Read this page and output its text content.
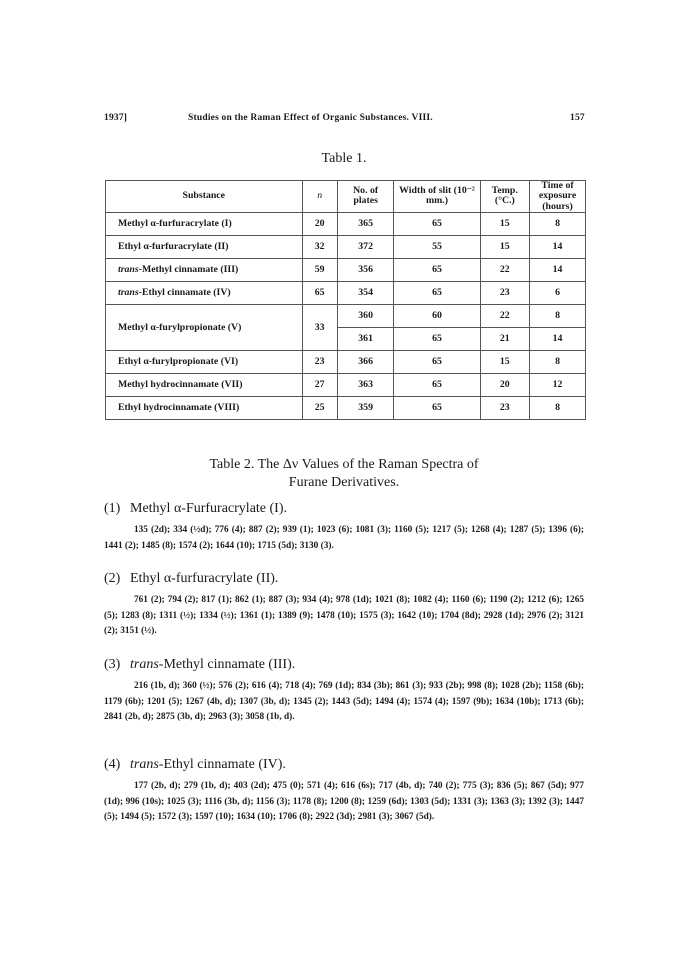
1937]	Studies on the Raman Effect of Organic Substances. VIII.	157
Table 1.
Substance	n	No. of plates	Width of slit (10⁻² mm.)	Temp. (°C.)	Time of exposure (hours)
Methyl α-furfuracrylate (I)	20	365	65	15	8
Ethyl α-furfuracrylate (II)	32	372	55	15	14
trans-Methyl cinnamate (III)	59	356	65	22	14
trans-Ethyl cinnamate (IV)	65	354	65	23	6
Methyl α-furylpropionate (V)	33	360	60	22	8
		361	65	21	14
Ethyl α-furylpropionate (VI)	23	366	65	15	8
Methyl hydrocinnamate (VII)	27	363	65	20	12
Ethyl hydrocinnamate (VIII)	25	359	65	23	8
Table 2. The Δν Values of the Raman Spectra of
Furane Derivatives.
(1) Methyl α-Furfuracrylate (I).

135 (2d); 334 (½d); 776 (4); 887 (2); 939 (1); 1023 (6); 1081 (3); 1160 (5); 1217 (5); 1268 (4); 1287 (5); 1396 (6); 1441 (2); 1485 (8); 1574 (2); 1644 (10); 1715 (5d); 3130 (3).

(2) Ethyl α-furfuracrylate (II).

761 (2); 794 (2); 817 (1); 862 (1); 887 (3); 934 (4); 978 (1d); 1021 (8); 1082 (4); 1160 (6); 1190 (2); 1212 (6); 1265 (5); 1283 (8); 1311 (½); 1334 (½); 1361 (1); 1389 (9); 1478 (10); 1575 (3); 1642 (10); 1704 (8d); 2928 (1d); 2976 (2); 3121 (2); 3151 (½).

(3) trans-Methyl cinnamate (III).

216 (1b, d); 360 (½); 576 (2); 616 (4); 718 (4); 769 (1d); 834 (3b); 861 (3); 933 (2b); 998 (8); 1028 (2b); 1158 (6b); 1179 (6b); 1201 (5); 1267 (4b, d); 1307 (3b, d); 1345 (2); 1443 (5d); 1494 (4); 1574 (4); 1597 (9b); 1634 (10b); 1713 (6b); 2841 (2b, d); 2875 (3b, d); 2963 (3); 3058 (1b, d).

(4) trans-Ethyl cinnamate (IV).

177 (2b, d); 279 (1b, d); 403 (2d); 475 (0); 571 (4); 616 (6s); 717 (4b, d); 740 (2); 775 (3); 836 (5); 867 (5d); 977 (1d); 996 (10s); 1025 (3); 1116 (3b, d); 1156 (3); 1178 (8); 1200 (8); 1259 (6d); 1303 (5d); 1331 (3); 1363 (3); 1392 (3); 1447 (5); 1494 (5); 1572 (3); 1597 (10); 1634 (10); 1706 (8); 2922 (3d); 2981 (3); 3067 (5d).
